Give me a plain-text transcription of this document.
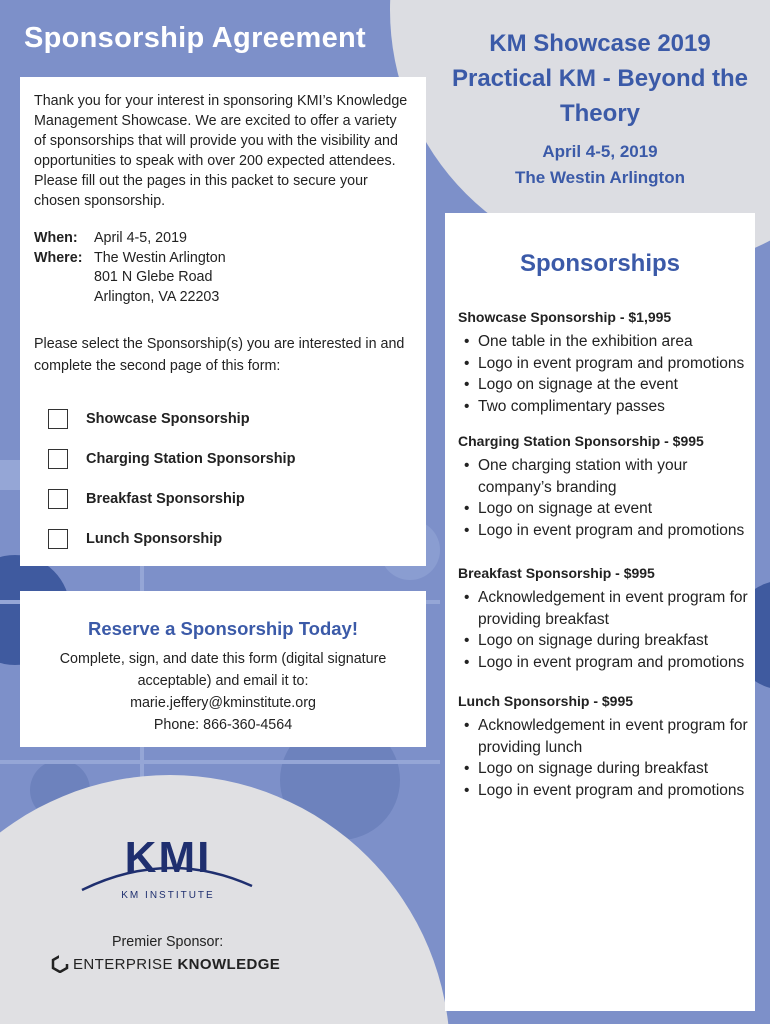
Sponsorship Agreement	KM Showcase 2019
Practical KM - Beyond the
Theory
April 4-5, 2019
The Westin Arlington

Thank you for your interest in sponsoring KMI’s Knowledge Management Showcase. We are excited to offer a variety of sponsorships that will provide you with the visibility and opportunities to speak with over 200 expected attendees. Please fill out the pages in this packet to secure your chosen sponsorship.

When:	April 4-5, 2019
Where: The Westin Arlington
801 N Glebe Road
Arlington, VA 22203

Please select the Sponsorship(s) you are interested in and complete the second page of this form:

Showcase Sponsorship
Charging Station Sponsorship
Breakfast Sponsorship
Lunch Sponsorship
Reserve a Sponsorship Today!
Complete, sign, and date this form (digital signature
acceptable) and email it to:
marie.jeffery@kminstitute.org
Phone: 866-360-4564
Sponsorships
Showcase Sponsorship - $1,995
• One table in the exhibition area
• Logo in event program and promotions
• Logo on signage at the event
• Two complimentary passes
Charging Station Sponsorship - $995
• One charging station with your company’s branding
• Logo on signage at event
• Logo in event program and promotions
Breakfast Sponsorship - $995
• Acknowledgement in event program for providing breakfast
• Logo on signage during breakfast
• Logo in event program and promotions
Lunch Sponsorship - $995
• Acknowledgement in event program for providing lunch
• Logo on signage during breakfast
• Logo in event program and promotions
KMI
KM INSTITUTE
Premier Sponsor:
ENTERPRISE KNOWLEDGE
